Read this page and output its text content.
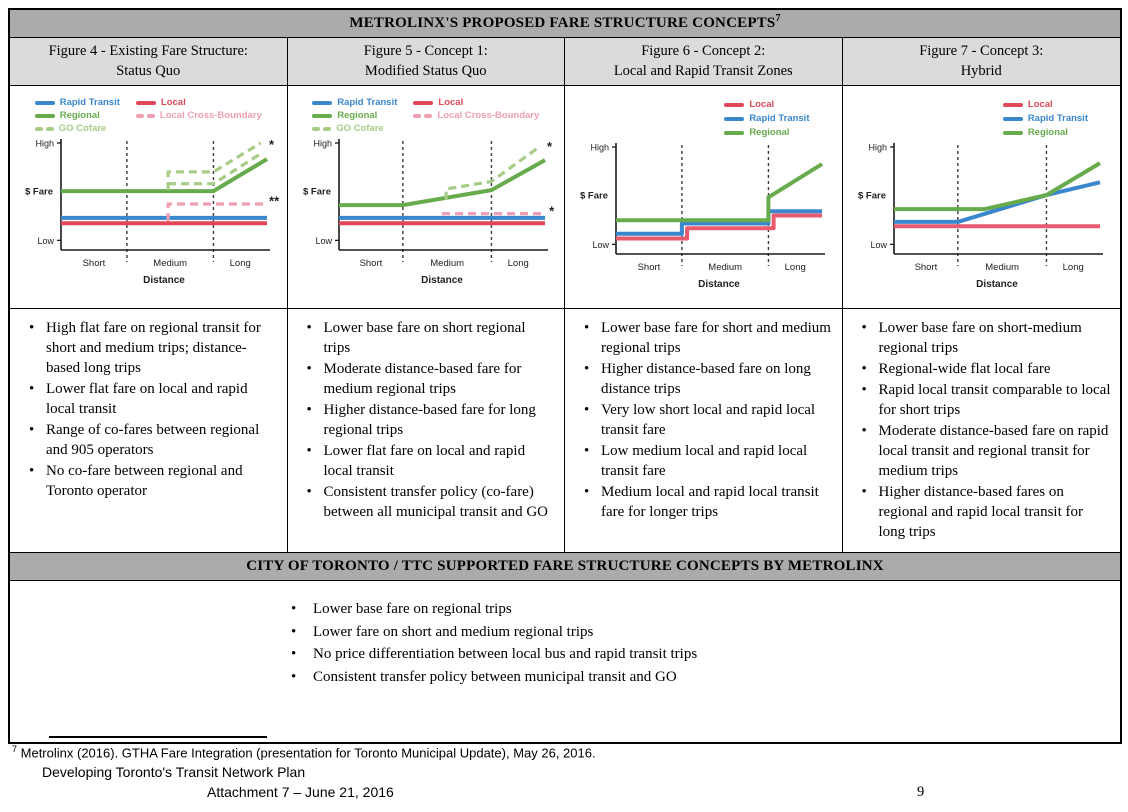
METROLINX'S PROPOSED FARE STRUCTURE CONCEPTS$^7$
Figure 4 - Existing Fare Structure:
Status Quo
Figure 5 - Concept 1:
Modified Status Quo
Figure 6 - Concept 2:
Local and Rapid Transit Zones
Figure 7 - Concept 3:
Hybrid
Rapid Transit	Local
Regional	Local Cross-Boundary
GO Cofare
High
Low
$ Fare
Short	Medium	Long
Distance
*
**
Rapid Transit	Local
Regional	Local Cross-Boundary
GO Cofare
High
Low
$ Fare
Short	Medium	Long
Distance
*
*
Local
Rapid Transit
Regional
High
Low
$ Fare
Short	Medium	Long
Distance
Local
Rapid Transit
Regional
High
Low
$ Fare
Short	Medium	Long
Distance
• High flat fare on regional transit for short and medium trips; distance-based long trips
• Lower flat fare on local and rapid local transit
• Range of co-fares between regional and 905 operators
• No co-fare between regional and Toronto operator
• Lower base fare on short regional trips
• Moderate distance-based fare for medium regional trips
• Higher distance-based fare for long regional trips
• Lower flat fare on local and rapid local transit
• Consistent transfer policy (co-fare) between all municipal transit and GO
• Lower base fare for short and medium regional trips
• Higher distance-based fare on long distance trips
• Very low short local and rapid local transit fare
• Low medium local and rapid local transit fare
• Medium local and rapid local transit fare for longer trips
• Lower base fare on short-medium regional trips
• Regional-wide flat local fare
• Rapid local transit comparable to local for short trips
• Moderate distance-based fare on rapid local transit and regional transit for medium trips
• Higher distance-based fares on regional and rapid local transit for long trips
CITY OF TORONTO / TTC SUPPORTED FARE STRUCTURE CONCEPTS BY METROLINX
•	Lower base fare on regional trips
•	Lower fare on short and medium regional trips
•	No price differentiation between local bus and rapid transit trips
•	Consistent transfer policy between municipal transit and GO
$^7$ Metrolinx (2016). GTHA Fare Integration (presentation for Toronto Municipal Update), May 26, 2016.
Developing Toronto's Transit Network Plan
Attachment 7 – June 21, 2016	9
